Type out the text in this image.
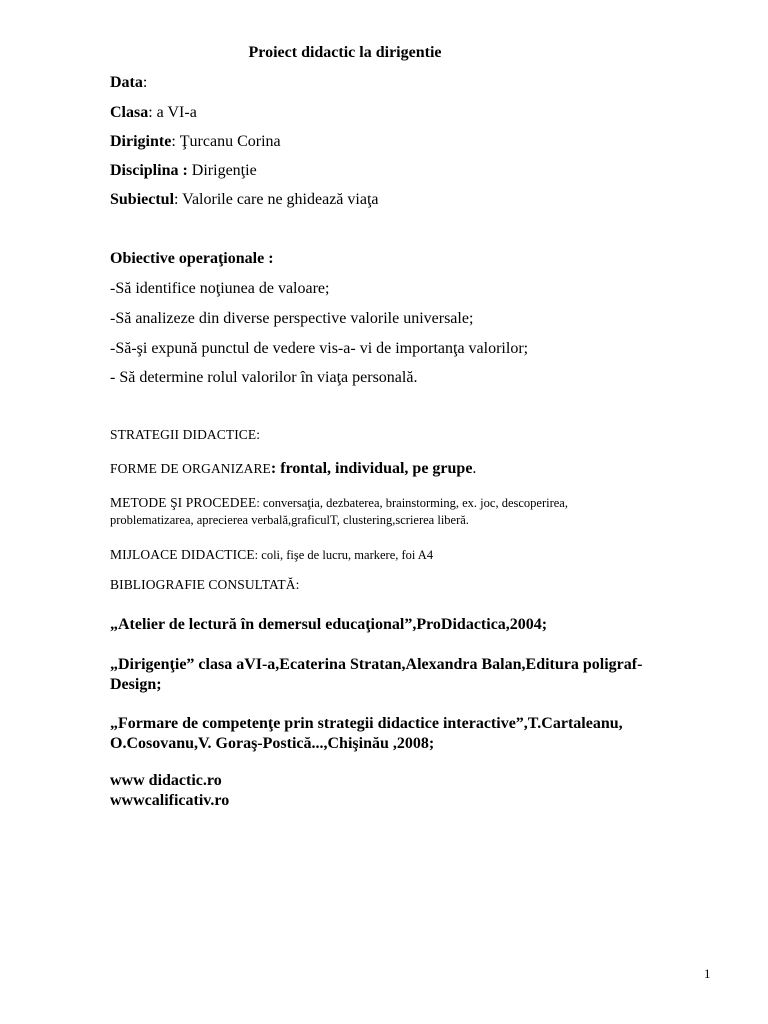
Proiect didactic la dirigentie
Data:
Clasa: a VI-a
Diriginte: Ţurcanu Corina
Disciplina : Dirigenţie
Subiectul: Valorile care ne ghidează viaţa
Obiective operaţionale :
-Să identifice noţiunea de valoare;
-Să analizeze din diverse perspective valorile universale;
-Să-şi expună punctul de vedere vis-a- vi de importanţa valorilor;
- Să determine rolul valorilor în viaţa personală.
STRATEGII DIDACTICE:
FORME DE ORGANIZARE: frontal, individual, pe grupe.
METODE ŞI PROCEDEE: conversaţia, dezbaterea, brainstorming, ex. joc, descoperirea,
problematizarea, aprecierea verbală,graficulT, clustering,scrierea liberă.
MIJLOACE DIDACTICE: coli, fişe de lucru, markere, foi A4
BIBLIOGRAFIE CONSULTATĂ:
„Atelier de lectură în demersul educaţional”,ProDidactica,2004;
„Dirigenţie” clasa aVI-a,Ecaterina Stratan,Alexandra Balan,Editura poligraf-Design;
„Formare de competenţe prin strategii didactice interactive”,T.Cartaleanu, O.Cosovanu,V. Goraş-Postică...,Chişinău ,2008;
www didactic.ro
wwwcalificativ.ro
1
